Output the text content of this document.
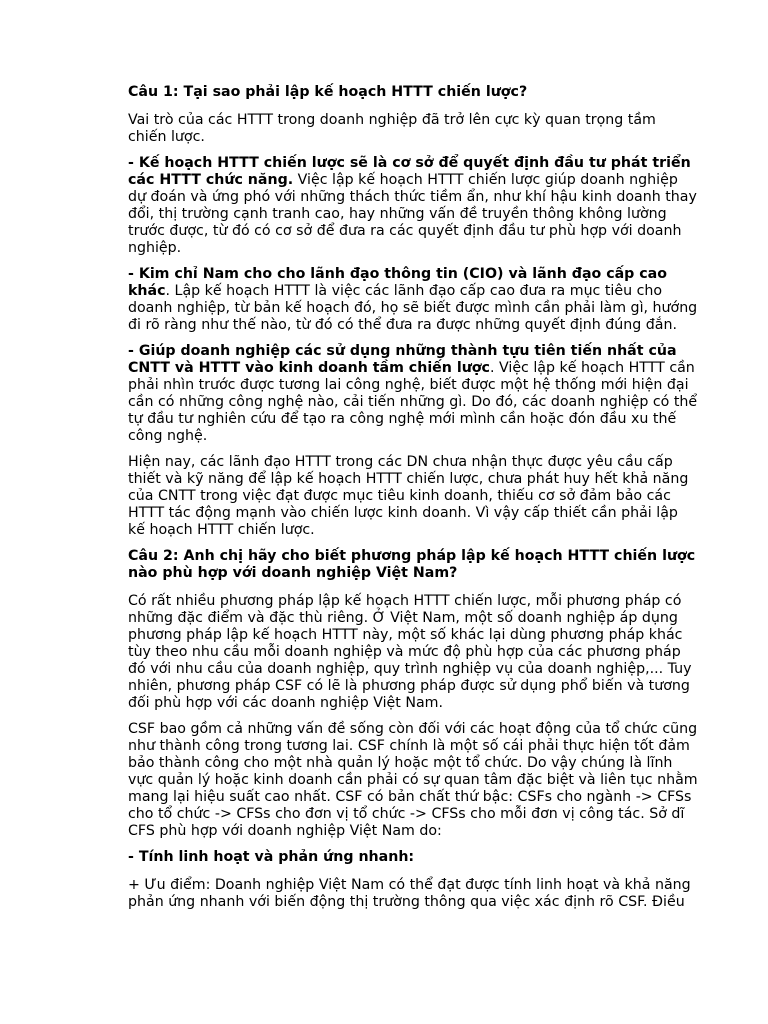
Câu 1: Tại sao phải lập kế hoạch HTTT chiến lược?

Vai trò của các HTTT trong doanh nghiệp đã trở lên cực kỳ quan trọng tầm chiến lược.

- Kế hoạch HTTT chiến lược sẽ là cơ sở để quyết định đầu tư phát triển các HTTT chức năng. Việc lập kế hoạch HTTT chiến lược giúp doanh nghiệp dự đoán và ứng phó với những thách thức tiềm ẩn, như khí hậu kinh doanh thay đổi, thị trường cạnh tranh cao, hay những vấn đề truyền thông không lường trước được, từ đó có cơ sở để đưa ra các quyết định đầu tư phù hợp với doanh nghiệp.

- Kim chỉ Nam cho cho lãnh đạo thông tin (CIO) và lãnh đạo cấp cao khác. Lập kế hoạch HTTT là việc các lãnh đạo cấp cao đưa ra mục tiêu cho doanh nghiệp, từ bản kế hoạch đó, họ sẽ biết được mình cần phải làm gì, hướng đi rõ ràng như thế nào, từ đó có thể đưa ra được những quyết định đúng đắn.

- Giúp doanh nghiệp các sử dụng những thành tựu tiên tiến nhất của CNTT và HTTT vào kinh doanh tầm chiến lược. Việc lập kế hoạch HTTT cần phải nhìn trước được tương lai công nghệ, biết được một hệ thống mới hiện đại cần có những công nghệ nào, cải tiến những gì. Do đó, các doanh nghiệp có thể tự đầu tư nghiên cứu để tạo ra công nghệ mới mình cần hoặc đón đầu xu thế công nghệ.

Hiện nay, các lãnh đạo HTTT trong các DN chưa nhận thực được yêu cầu cấp thiết và kỹ năng để lập kế hoạch HTTT chiến lược, chưa phát huy hết khả năng của CNTT trong việc đạt được mục tiêu kinh doanh, thiếu cơ sở đảm bảo các HTTT tác động mạnh vào chiến lược kinh doanh. Vì vậy cấp thiết cần phải lập kế hoạch HTTT chiến lược.

Câu 2: Anh chị hãy cho biết phương pháp lập kế hoạch HTTT chiến lược nào phù hợp với doanh nghiệp Việt Nam?

Có rất nhiều phương pháp lập kế hoạch HTTT chiến lược, mỗi phương pháp có những đặc điểm và đặc thù riêng. Ở Việt Nam, một số doanh nghiệp áp dụng phương pháp lập kế hoạch HTTT này, một số khác lại dùng phương pháp khác tùy theo nhu cầu mỗi doanh nghiệp và mức độ phù hợp của các phương pháp đó với nhu cầu của doanh nghiệp, quy trình nghiệp vụ của doanh nghiệp,... Tuy nhiên, phương pháp CSF có lẽ là phương pháp được sử dụng phổ biến và tương đối phù hợp với các doanh nghiệp Việt Nam.

CSF bao gồm cả những vấn đề sống còn đối với các hoạt động của tổ chức cũng như thành công trong tương lai. CSF chính là một số cái phải thực hiện tốt đảm bảo thành công cho một nhà quản lý hoặc một tổ chức. Do vậy chúng là lĩnh vực quản lý hoặc kinh doanh cần phải có sự quan tâm đặc biệt và liên tục nhằm mang lại hiệu suất cao nhất. CSF có bản chất thứ bậc: CSFs cho ngành -> CFSs cho tổ chức -> CFSs cho đơn vị tổ chức -> CFSs cho mỗi đơn vị công tác. Sở dĩ CFS phù hợp với doanh nghiệp Việt Nam do:

- Tính linh hoạt và phản ứng nhanh:

+ Ưu điểm: Doanh nghiệp Việt Nam có thể đạt được tính linh hoạt và khả năng phản ứng nhanh với biến động thị trường thông qua việc xác định rõ CSF. Điều
